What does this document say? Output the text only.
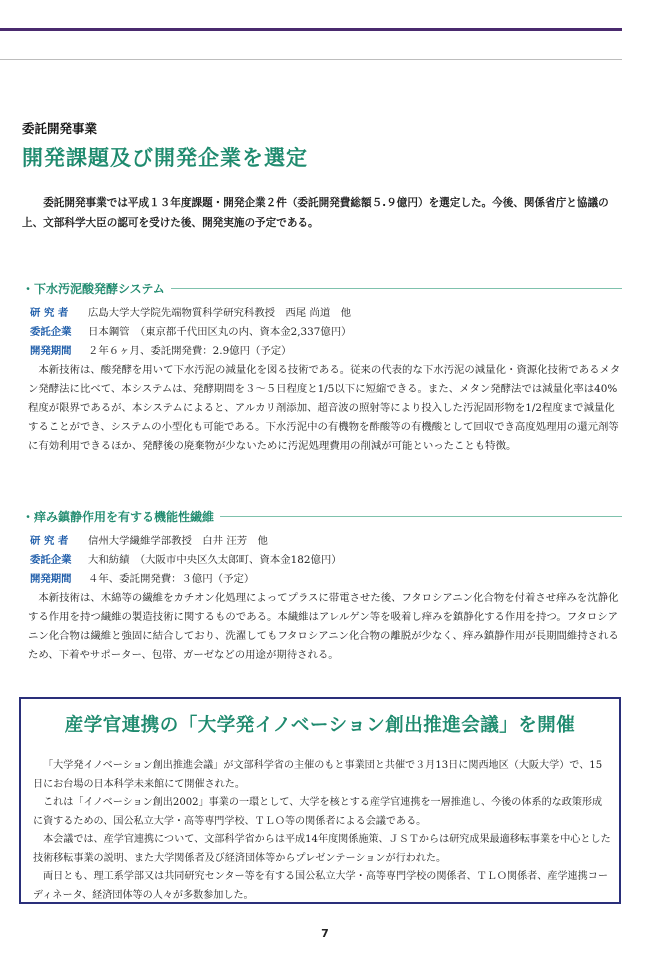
委託開発事業
開発課題及び開発企業を選定

委託開発事業では平成１３年度課題・開発企業２件（委託開発費総額５.９億円）を選定した。今後、関係省庁と協議の上、文部科学大臣の認可を受けた後、開発実施の予定である。

・下水汚泥酸発酵システム
研 究 者	広島大学大学院先端物質科学研究科教授　西尾 尚道　他
委託企業	日本鋼管　（東京都千代田区丸の内、資本金2,337億円）
開発期間	２年６ヶ月、委託開発費：2.9億円（予定）

本新技術は、酸発酵を用いて下水汚泥の減量化を図る技術である。従来の代表的な下水汚泥の減量化・資源化技術であるメタン発酵法に比べて、本システムは、発酵期間を３～５日程度と1/5以下に短縮できる。また、メタン発酵法では減量化率は40%程度が限界であるが、本システムによると、アルカリ剤添加、超音波の照射等により投入した汚泥固形物を1/2程度まで減量化することができ、システムの小型化も可能である。下水汚泥中の有機物を酢酸等の有機酸として回収でき高度処理用の還元剤等に有効利用できるほか、発酵後の廃棄物が少ないために汚泥処理費用の削減が可能といったことも特徴。

・痒み鎮静作用を有する機能性繊維
研 究 者	信州大学繊維学部教授　白井 汪芳　他
委託企業	大和紡績　（大阪市中央区久太郎町、資本金182億円）
開発期間	４年、委託開発費：３億円（予定）

本新技術は、木綿等の繊維をカチオン化処理によってプラスに帯電させた後、フタロシアニン化合物を付着させ痒みを沈静化する作用を持つ繊維の製造技術に関するものである。本繊維はアレルゲン等を吸着し痒みを鎮静化する作用を持つ。フタロシアニン化合物は繊維と強固に結合しており、洗濯してもフタロシアニン化合物の離脱が少なく、痒み鎮静作用が長期間維持されるため、下着やサポーター、包帯、ガーゼなどの用途が期待される。

産学官連携の「大学発イノベーション創出推進会議」を開催

「大学発イノベーション創出推進会議」が文部科学省の主催のもと事業団と共催で３月13日に関西地区（大阪大学）で、15日にお台場の日本科学未来館にて開催された。

これは「イノベーション創出2002」事業の一環として、大学を核とする産学官連携を一層推進し、今後の体系的な政策形成に資するための、国公私立大学・高等専門学校、ＴＬＯ等の関係者による会議である。

本会議では、産学官連携について、文部科学省からは平成14年度関係施策、ＪＳＴからは研究成果最適移転事業を中心とした技術移転事業の説明、また大学関係者及び経済団体等からプレゼンテーションが行われた。

両日とも、理工系学部又は共同研究センター等を有する国公私立大学・高等専門学校の関係者、ＴＬＯ関係者、産学連携コーディネータ、経済団体等の人々が多数参加した。

7
